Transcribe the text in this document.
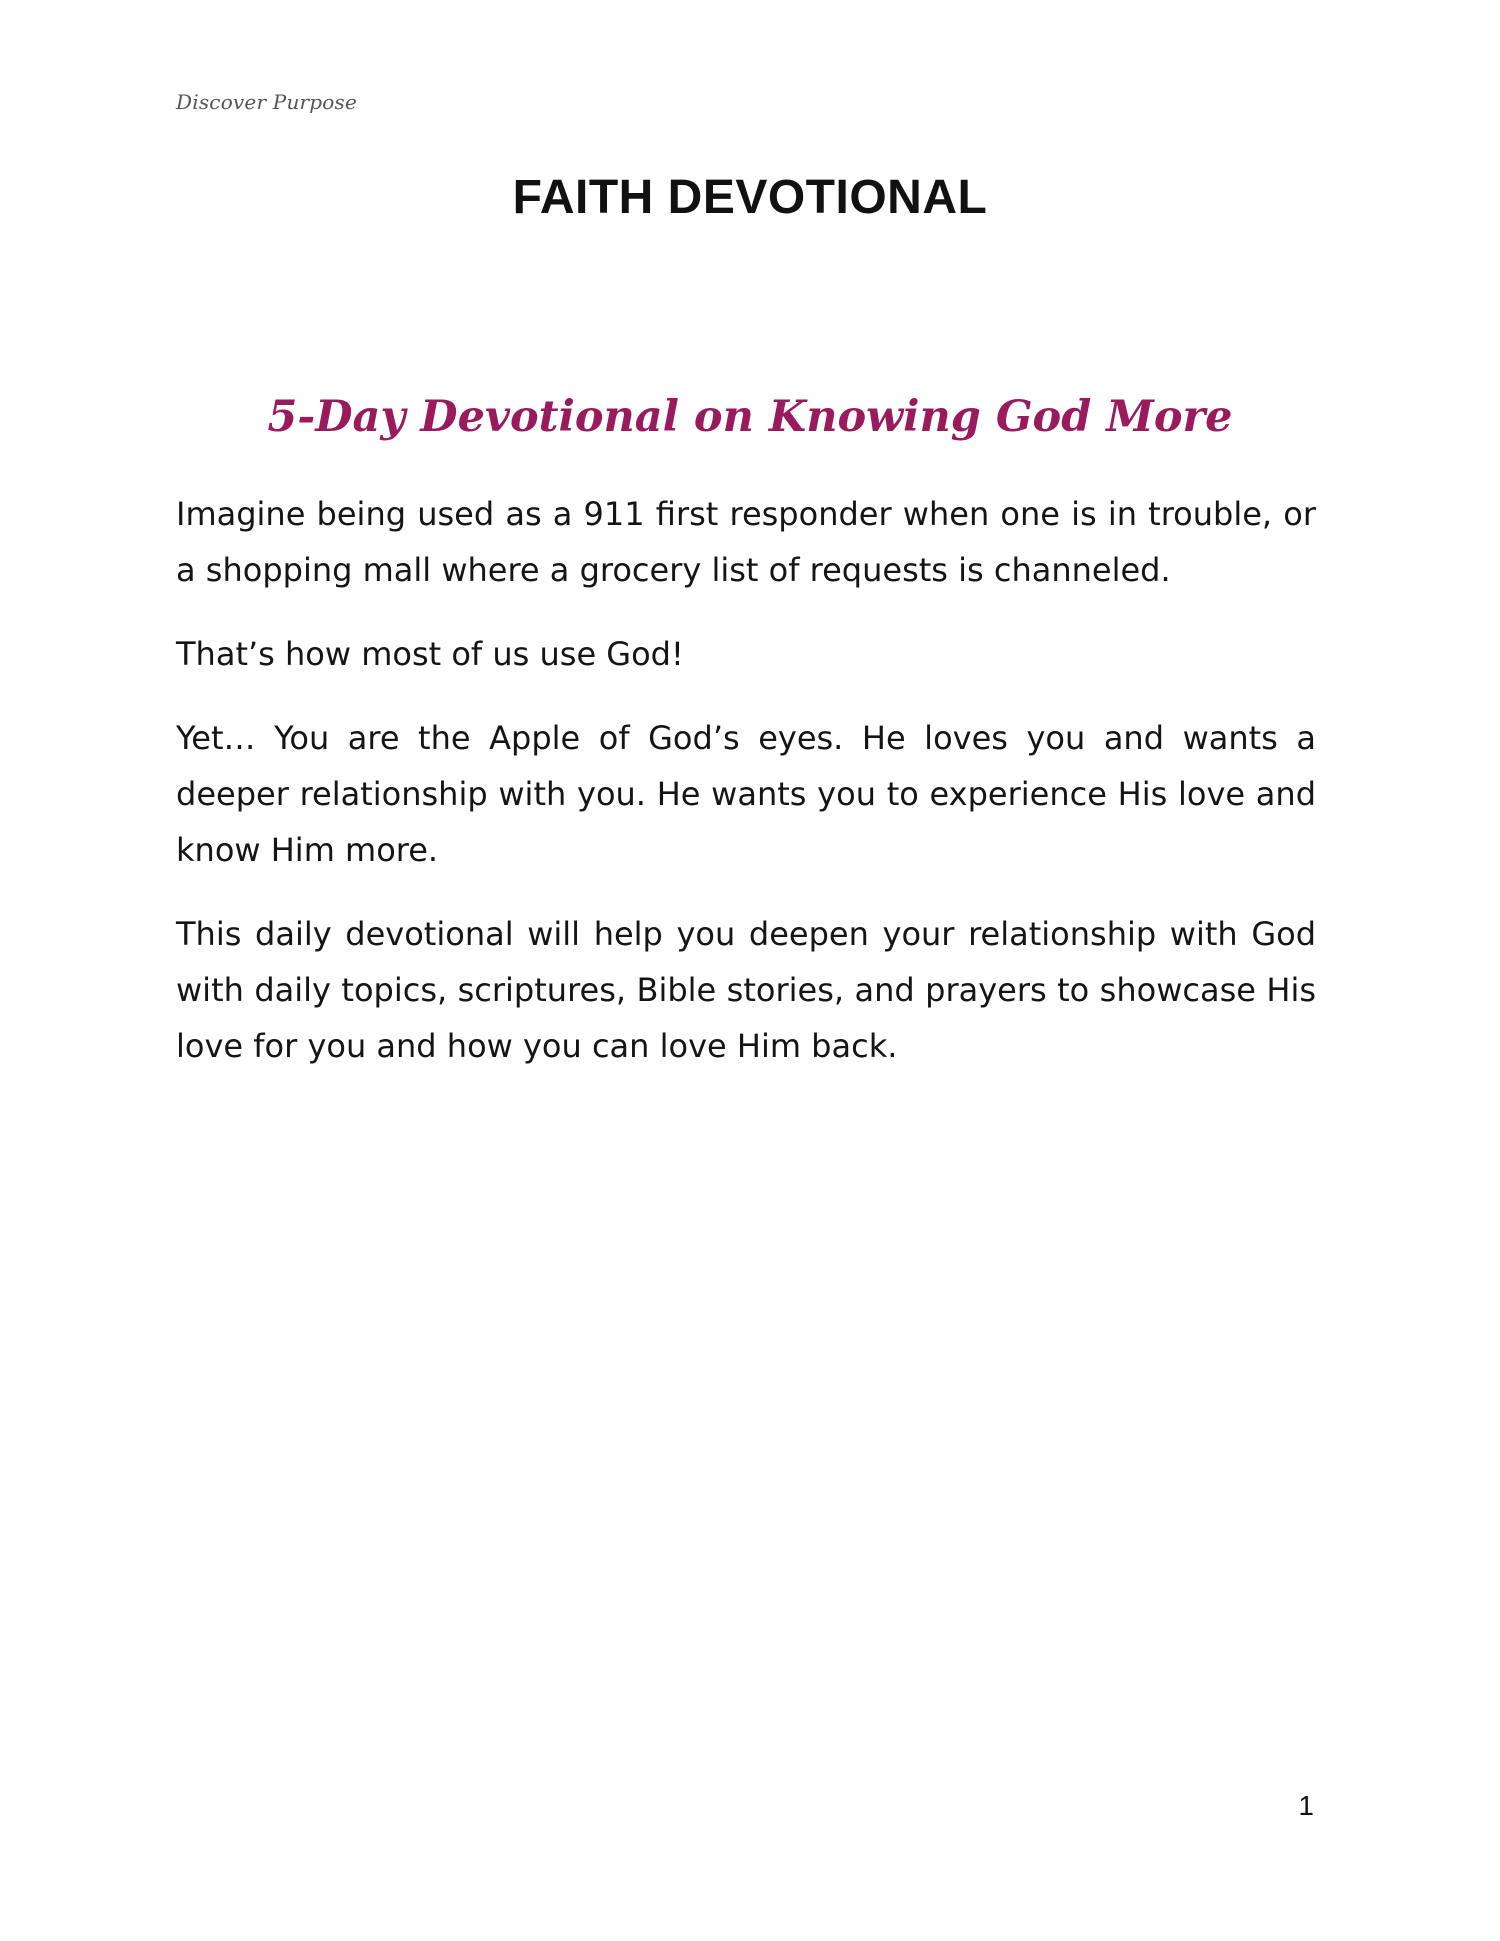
Discover Purpose
FAITH DEVOTIONAL
5-Day Devotional on Knowing God More

Imagine being used as a 911 first responder when one is in trouble, or a shopping mall where a grocery list of requests is channeled.

That’s how most of us use God!

Yet… You are the Apple of God’s eyes. He loves you and wants a deeper relationship with you. He wants you to experience His love and know Him more.

This daily devotional will help you deepen your relationship with God with daily topics, scriptures, Bible stories, and prayers to showcase His love for you and how you can love Him back.

1
